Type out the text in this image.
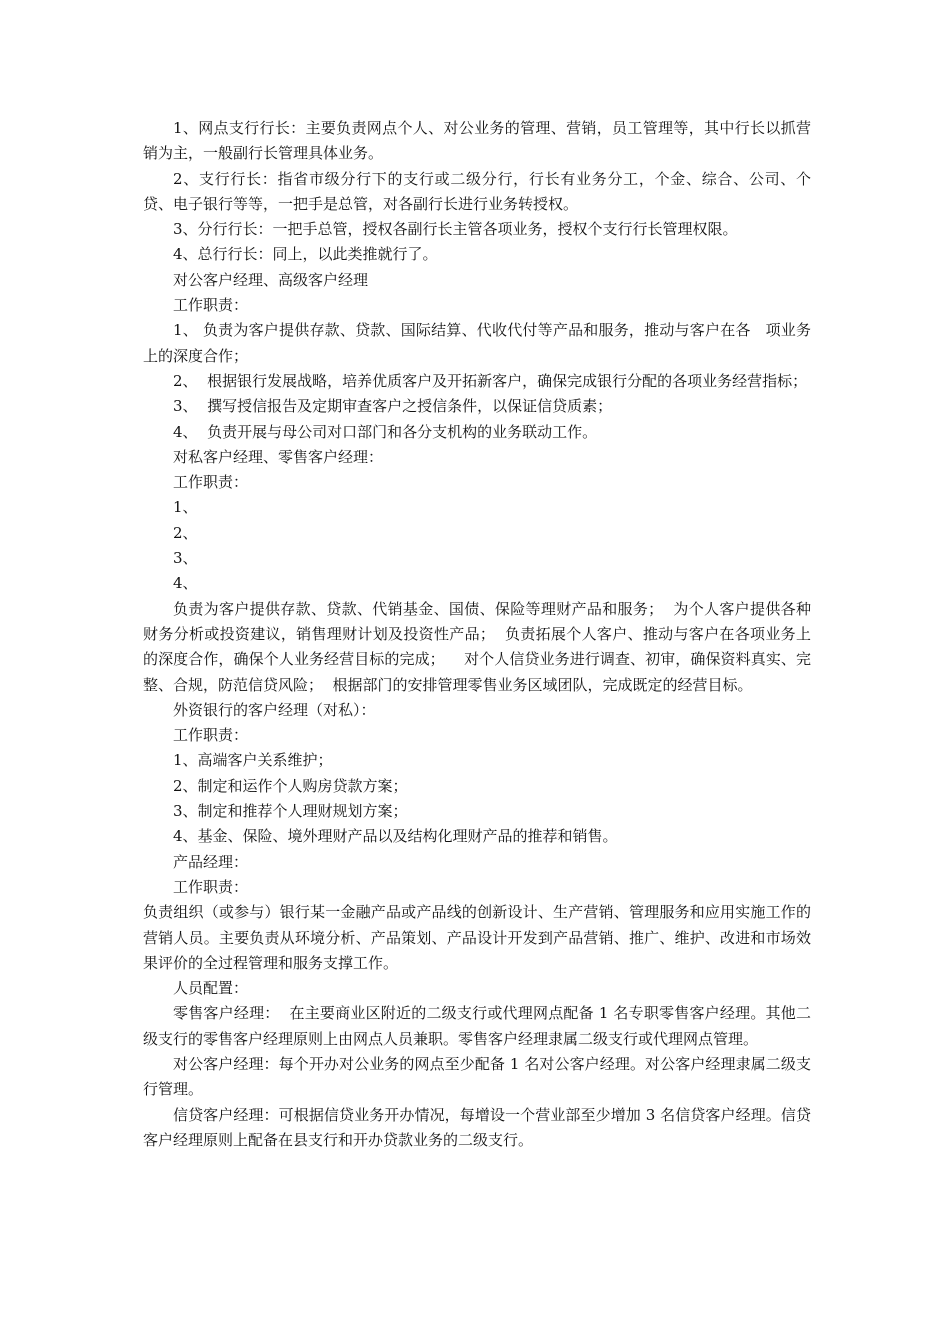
1、网点支行行长：主要负责网点个人、对公业务的管理、营销，员工管理等，其中行长以抓营销为主，一般副行长管理具体业务。

2、支行行长：指省市级分行下的支行或二级分行，行长有业务分工，个金、综合、公司、个贷、电子银行等等，一把手是总管，对各副行长进行业务转授权。

3、分行行长：一把手总管，授权各副行长主管各项业务，授权个支行行长管理权限。

4、总行行长：同上，以此类推就行了。

对公客户经理、高级客户经理

工作职责：

1、 负责为客户提供存款、贷款、国际结算、代收代付等产品和服务，推动与客户在各   项业务上的深度合作；

2、  根据银行发展战略，培养优质客户及开拓新客户，确保完成银行分配的各项业务经营指标；

3、  撰写授信报告及定期审查客户之授信条件，以保证信贷质素；

4、  负责开展与母公司对口部门和各分支机构的业务联动工作。

对私客户经理、零售客户经理：

工作职责：

1、

2、

3、

4、

负责为客户提供存款、贷款、代销基金、国债、保险等理财产品和服务；  为个人客户提供各种财务分析或投资建议，销售理财计划及投资性产品；  负责拓展个人客户、推动与客户在各项业务上的深度合作，确保个人业务经营目标的完成；    对个人信贷业务进行调查、初审，确保资料真实、完整、合规，防范信贷风险；  根据部门的安排管理零售业务区域团队，完成既定的经营目标。

外资银行的客户经理（对私）：

工作职责：

1、高端客户关系维护；

2、制定和运作个人购房贷款方案；

3、制定和推荐个人理财规划方案；

4、基金、保险、境外理财产品以及结构化理财产品的推荐和销售。

产品经理：

工作职责：

负责组织（或参与）银行某一金融产品或产品线的创新设计、生产营销、管理服务和应用实施工作的营销人员。主要负责从环境分析、产品策划、产品设计开发到产品营销、推广、维护、改进和市场效果评价的全过程管理和服务支撑工作。

人员配置：

零售客户经理：  在主要商业区附近的二级支行或代理网点配备 1 名专职零售客户经理。其他二级支行的零售客户经理原则上由网点人员兼职。零售客户经理隶属二级支行或代理网点管理。

对公客户经理：每个开办对公业务的网点至少配备 1 名对公客户经理。对公客户经理隶属二级支行管理。

信贷客户经理：可根据信贷业务开办情况，每增设一个营业部至少增加 3 名信贷客户经理。信贷客户经理原则上配备在县支行和开办贷款业务的二级支行。
